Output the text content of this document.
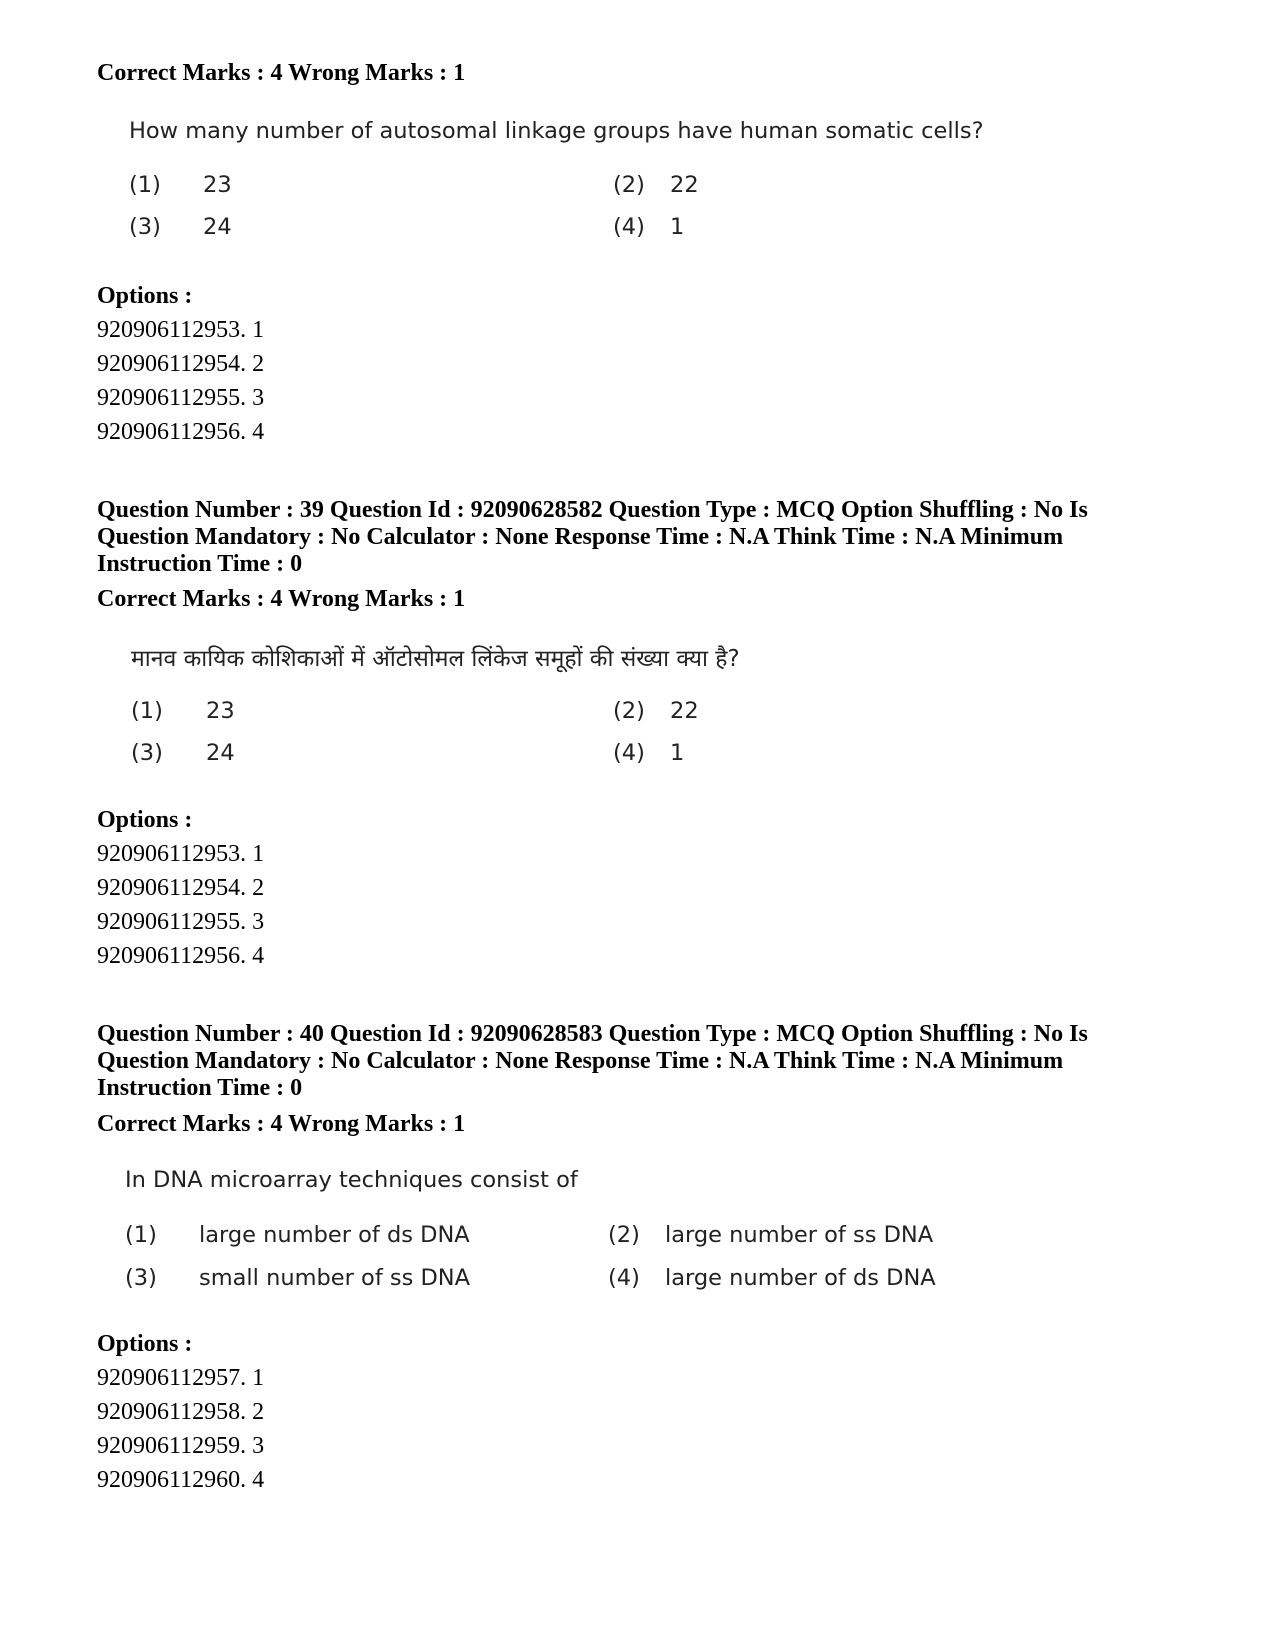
Correct Marks : 4 Wrong Marks : 1
How many number of autosomal linkage groups have human somatic cells?
(1) 23	(2) 22
(3) 24	(4) 1
Options :
920906112953. 1
920906112954. 2
920906112955. 3
920906112956. 4
Question Number : 39 Question Id : 92090628582 Question Type : MCQ Option Shuffling : No Is
Question Mandatory : No Calculator : None Response Time : N.A Think Time : N.A Minimum
Instruction Time : 0
Correct Marks : 4 Wrong Marks : 1
मानव कायिक कोशिकाओं में ऑटोसोमल लिंकेज समूहों की संख्या क्या है?
(1) 23	(2) 22
(3) 24	(4) 1
Options :
920906112953. 1
920906112954. 2
920906112955. 3
920906112956. 4
Question Number : 40 Question Id : 92090628583 Question Type : MCQ Option Shuffling : No Is
Question Mandatory : No Calculator : None Response Time : N.A Think Time : N.A Minimum
Instruction Time : 0
Correct Marks : 4 Wrong Marks : 1
In DNA microarray techniques consist of
(1) large number of ds DNA	(2) large number of ss DNA
(3) small number of ss DNA	(4) large number of ds DNA
Options :
920906112957. 1
920906112958. 2
920906112959. 3
920906112960. 4
